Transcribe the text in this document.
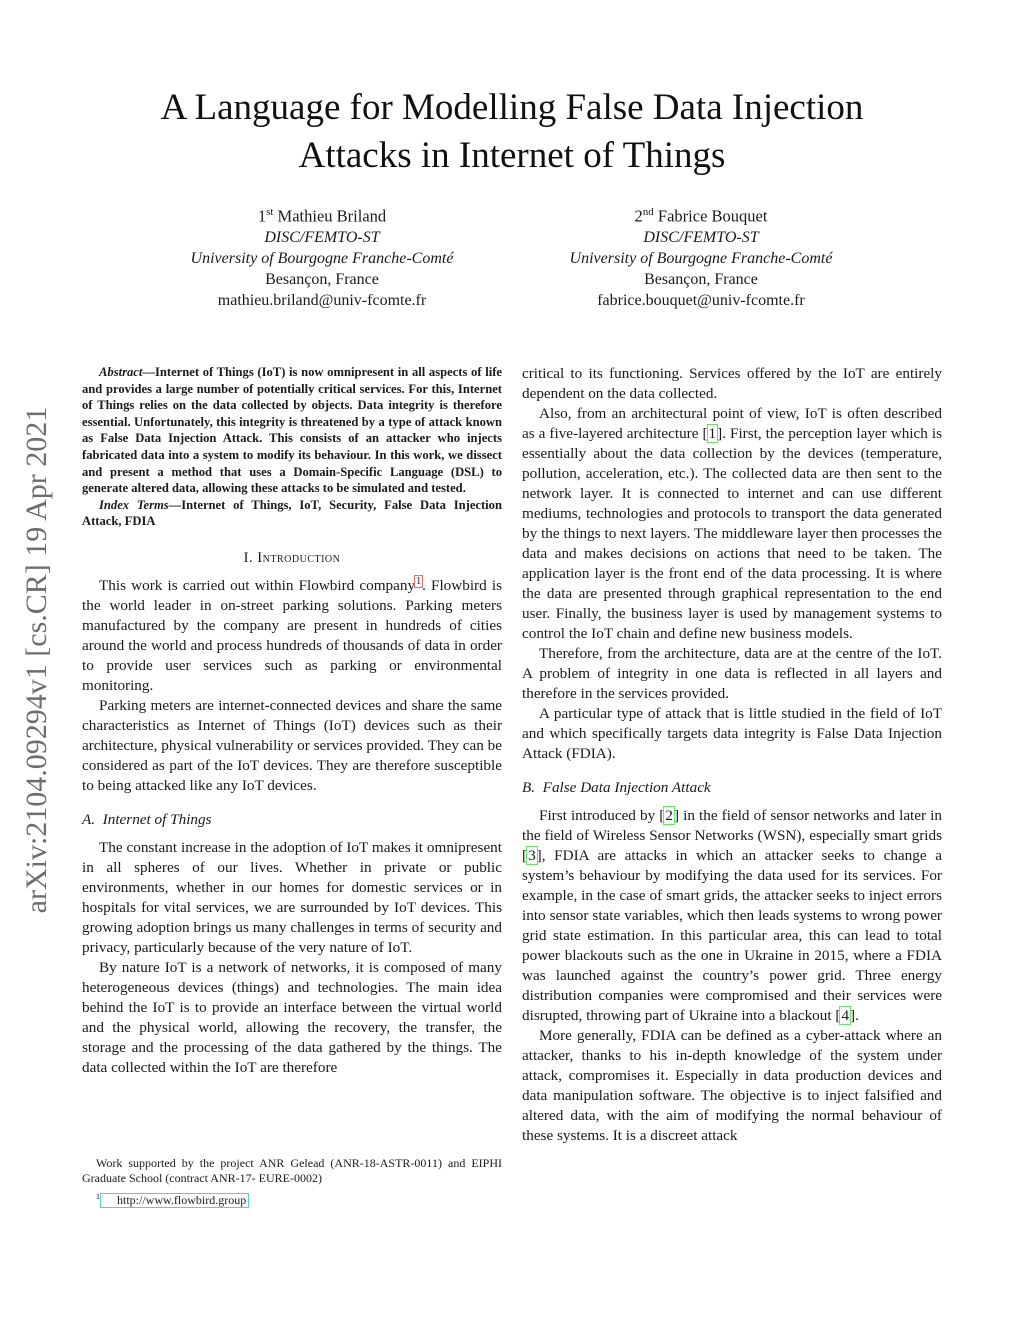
arXiv:2104.09294v1 [cs.CR] 19 Apr 2021
A Language for Modelling False Data Injection
Attacks in Internet of Things
1st Mathieu Briland
DISC/FEMTO-ST
University of Bourgogne Franche-Comté
Besançon, France
mathieu.briland@univ-fcomte.fr
2nd Fabrice Bouquet
DISC/FEMTO-ST
University of Bourgogne Franche-Comté
Besançon, France
fabrice.bouquet@univ-fcomte.fr

Abstract—Internet of Things (IoT) is now omnipresent in all aspects of life and provides a large number of potentially critical services. For this, Internet of Things relies on the data collected by objects. Data integrity is therefore essential. Unfortunately, this integrity is threatened by a type of attack known as False Data Injection Attack. This consists of an attacker who injects fabricated data into a system to modify its behaviour. In this work, we dissect and present a method that uses a Domain-Specific Language (DSL) to generate altered data, allowing these attacks to be simulated and tested.

Index Terms—Internet of Things, IoT, Security, False Data Injection Attack, FDIA

I. Introduction

This work is carried out within Flowbird company$^1$. Flowbird is the world leader in on-street parking solutions. Parking meters manufactured by the company are present in hundreds of cities around the world and process hundreds of thousands of data in order to provide user services such as parking or environmental monitoring.

Parking meters are internet-connected devices and share the same characteristics as Internet of Things (IoT) devices such as their architecture, physical vulnerability or services provided. They can be considered as part of the IoT devices. They are therefore susceptible to being attacked like any IoT devices.

A. Internet of Things

The constant increase in the adoption of IoT makes it omnipresent in all spheres of our lives. Whether in private or public environments, whether in our homes for domestic services or in hospitals for vital services, we are surrounded by IoT devices. This growing adoption brings us many challenges in terms of security and privacy, particularly because of the very nature of IoT.

By nature IoT is a network of networks, it is composed of many heterogeneous devices (things) and technologies. The main idea behind the IoT is to provide an interface between the virtual world and the physical world, allowing the recovery, the transfer, the storage and the processing of the data gathered by the things. The data collected within the IoT are therefore

Work supported by the project ANR Gelead (ANR-18-ASTR-0011) and EIPHI Graduate School (contract ANR-17- EURE-0002)

$^1$ http://www.flowbird.group

critical to its functioning. Services offered by the IoT are entirely dependent on the data collected.

Also, from an architectural point of view, IoT is often described as a five-layered architecture [1]. First, the perception layer which is essentially about the data collection by the devices (temperature, pollution, acceleration, etc.). The collected data are then sent to the network layer. It is connected to internet and can use different mediums, technologies and protocols to transport the data generated by the things to next layers. The middleware layer then processes the data and makes decisions on actions that need to be taken. The application layer is the front end of the data processing. It is where the data are presented through graphical representation to the end user. Finally, the business layer is used by management systems to control the IoT chain and define new business models.

Therefore, from the architecture, data are at the centre of the IoT. A problem of integrity in one data is reflected in all layers and therefore in the services provided.

A particular type of attack that is little studied in the field of IoT and which specifically targets data integrity is False Data Injection Attack (FDIA).

B. False Data Injection Attack

First introduced by [2] in the field of sensor networks and later in the field of Wireless Sensor Networks (WSN), especially smart grids [3], FDIA are attacks in which an attacker seeks to change a system’s behaviour by modifying the data used for its services. For example, in the case of smart grids, the attacker seeks to inject errors into sensor state variables, which then leads systems to wrong power grid state estimation. In this particular area, this can lead to total power blackouts such as the one in Ukraine in 2015, where a FDIA was launched against the country’s power grid. Three energy distribution companies were compromised and their services were disrupted, throwing part of Ukraine into a blackout [4].

More generally, FDIA can be defined as a cyber-attack where an attacker, thanks to his in-depth knowledge of the system under attack, compromises it. Especially in data production devices and data manipulation software. The objective is to inject falsified and altered data, with the aim of modifying the normal behaviour of these systems. It is a discreet attack
